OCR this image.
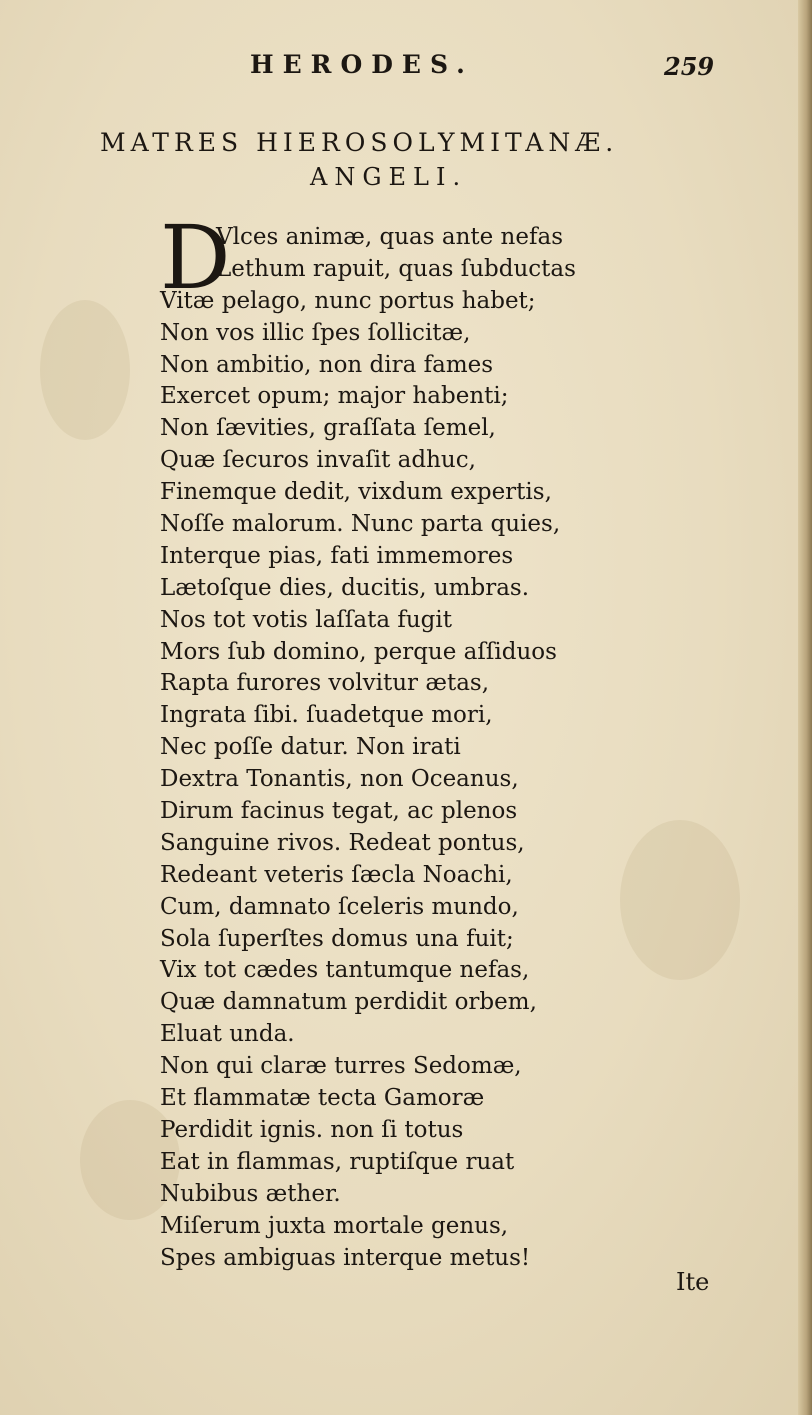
HERODES.	259
MATRES HIEROSOLYMITANÆ.
ANGELI.
D
Vlces animæ, quas ante nefas
Lethum rapuit, quas ſubductas
Vitæ pelago, nunc portus habet;
Non vos illic ſpes ſollicitæ,
Non ambitio, non dira fames
Exercet opum; major habenti;
Non ſævities, graſſata ſemel,
Quæ ſecuros invaſit adhuc,
Finemque dedit, vixdum expertis,
Noſſe malorum. Nunc parta quies,
Interque pias, fati immemores
Lætoſque dies, ducitis, umbras.
Nos tot votis laſſata fugit
Mors ſub domino, perque aſſiduos
Rapta furores volvitur ætas,
Ingrata ſibi. ſuadetque mori,
Nec poſſe datur. Non irati
Dextra Tonantis, non Oceanus,
Dirum facinus tegat, ac plenos
Sanguine rivos. Redeat pontus,
Redeant veteris ſæcla Noachi,
Cum, damnato ſceleris mundo,
Sola ſuperſtes domus una fuit;
Vix tot cædes tantumque nefas,
Quæ damnatum perdidit orbem,
Eluat unda.
Non qui claræ turres Sedomæ,
Et flammatæ tecta Gamoræ
Perdidit ignis. non ſi totus
Eat in flammas, ruptiſque ruat
Nubibus æther.
Miſerum juxta mortale genus,
Spes ambiguas interque metus!
Ite
